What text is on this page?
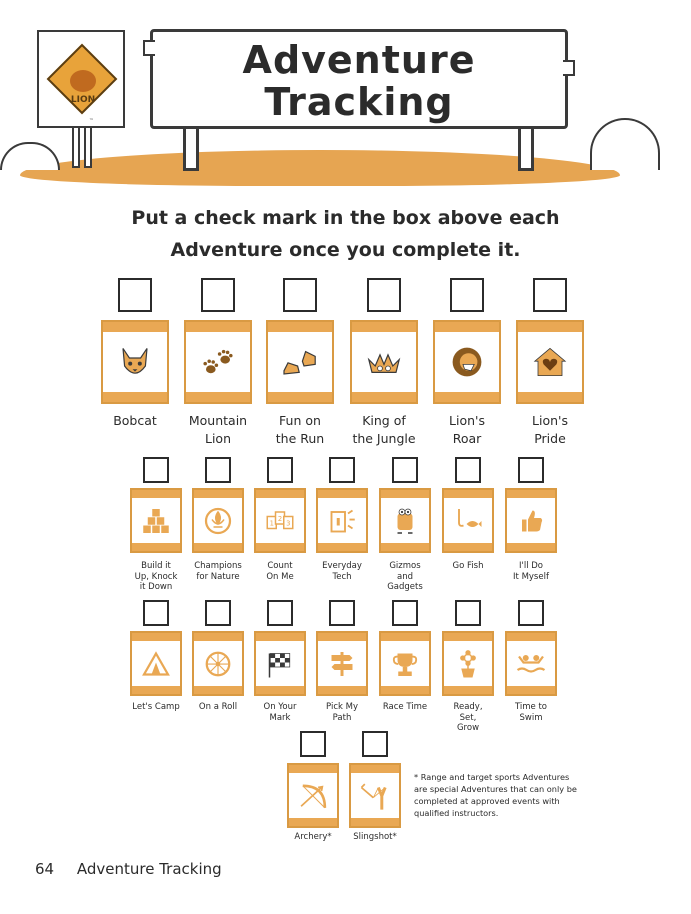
LION
™
Adventure
Tracking
Put a check mark in the box above each
Adventure once you complete it.
Bobcat	Mountain
Lion
Fun on
the Run
King of
the Jungle
Lion's
Roar
Lion's
Pride
Build it
Up, Knock
it Down
Champions
for Nature
1
2
3
Count
On Me
Everyday
Tech
Gizmos
and
Gadgets
Go Fish	I'll Do
It Myself
Let's Camp	On a Roll	On Your
Mark
Pick My
Path
Race Time	Ready,
Set,
Grow
Time to
Swim
Archery*	Slingshot*
* Range and target sports Adventures are special Adventures that can only be completed at approved events with qualified instructors.
64 Adventure Tracking
